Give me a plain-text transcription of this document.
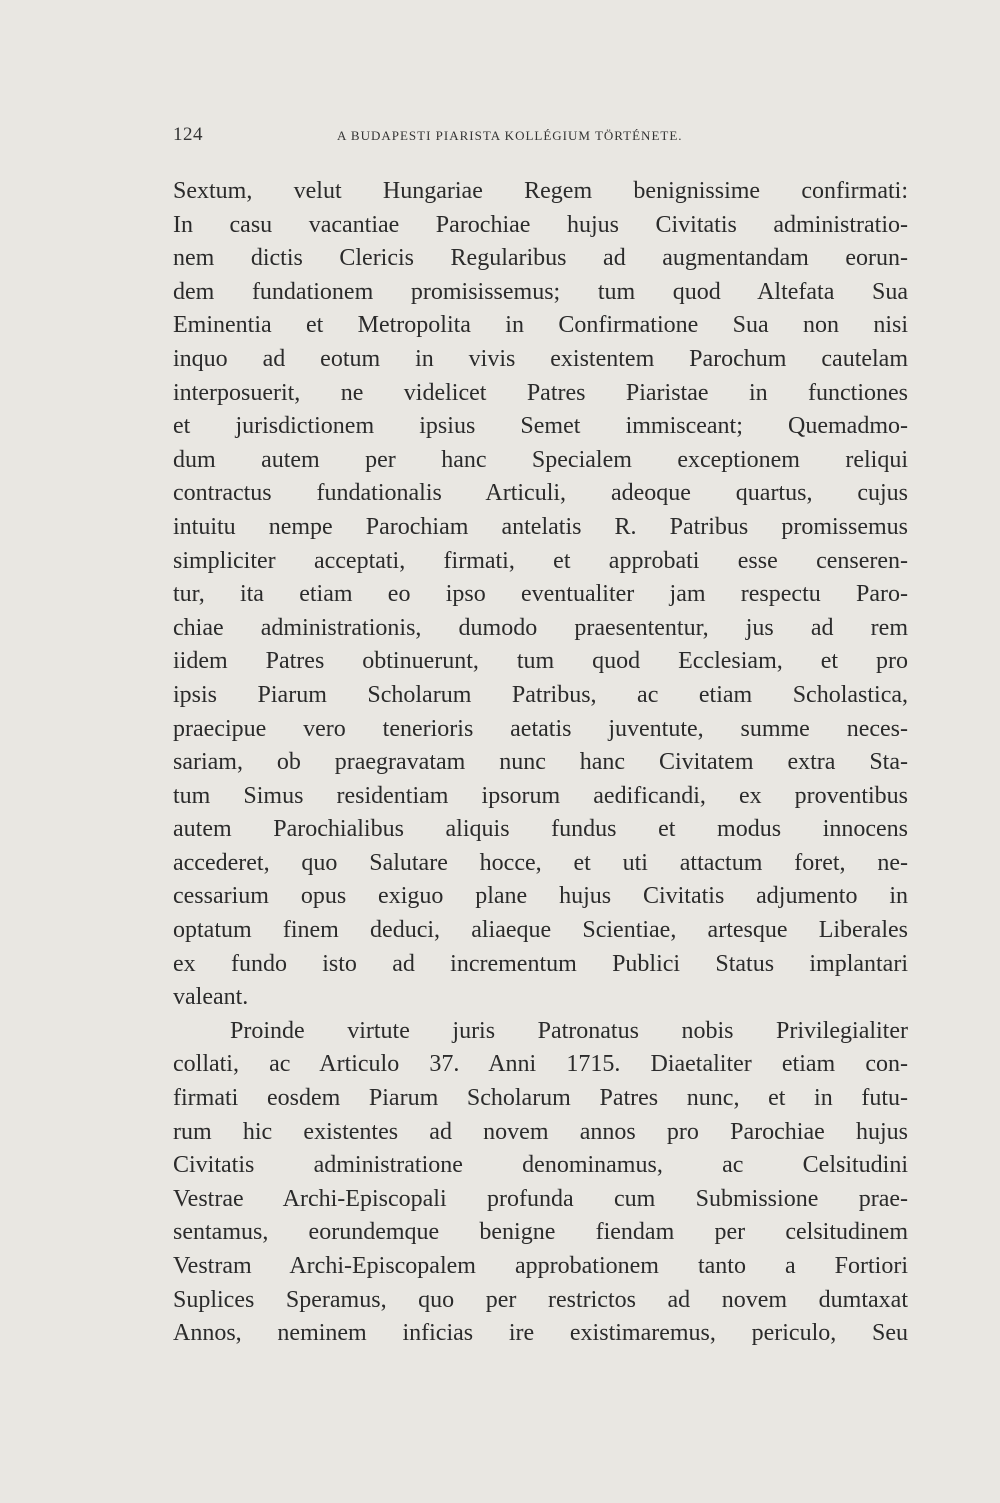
124	A BUDAPESTI PIARISTA KOLLÉGIUM TÖRTÉNETE.
Sextum, velut Hungariae Regem benignissime confirmati:
In casu vacantiae Parochiae hujus Civitatis administratio-
nem dictis Clericis Regularibus ad augmentandam eorun-
dem fundationem promisissemus; tum quod Altefata Sua
Eminentia et Metropolita in Confirmatione Sua non nisi
inquo ad eotum in vivis existentem Parochum cautelam
interposuerit, ne videlicet Patres Piaristae in functiones
et jurisdictionem ipsius Semet immisceant; Quemadmo-
dum autem per hanc Specialem exceptionem reliqui
contractus fundationalis Articuli, adeoque quartus, cujus
intuitu nempe Parochiam antelatis R. Patribus promissemus
simpliciter acceptati, firmati, et approbati esse censeren-
tur, ita etiam eo ipso eventualiter jam respectu Paro-
chiae administrationis, dumodo praesententur, jus ad rem
iidem Patres obtinuerunt, tum quod Ecclesiam, et pro
ipsis Piarum Scholarum Patribus, ac etiam Scholastica,
praecipue vero tenerioris aetatis juventute, summe neces-
sariam, ob praegravatam nunc hanc Civitatem extra Sta-
tum Simus residentiam ipsorum aedificandi, ex proventibus
autem Parochialibus aliquis fundus et modus innocens
accederet, quo Salutare hocce, et uti attactum foret, ne-
cessarium opus exiguo plane hujus Civitatis adjumento in
optatum finem deduci, aliaeque Scientiae, artesque Liberales
ex fundo isto ad incrementum Publici Status implantari
valeant.
Proinde virtute juris Patronatus nobis Privilegialiter
collati, ac Articulo 37. Anni 1715. Diaetaliter etiam con-
firmati eosdem Piarum Scholarum Patres nunc, et in futu-
rum hic existentes ad novem annos pro Parochiae hujus
Civitatis administratione denominamus, ac Celsitudini
Vestrae Archi-Episcopali profunda cum Submissione prae-
sentamus, eorundemque benigne fiendam per celsitudinem
Vestram Archi-Episcopalem approbationem tanto a Fortiori
Suplices Speramus, quo per restrictos ad novem dumtaxat
Annos, neminem inficias ire existimaremus, periculo, Seu
